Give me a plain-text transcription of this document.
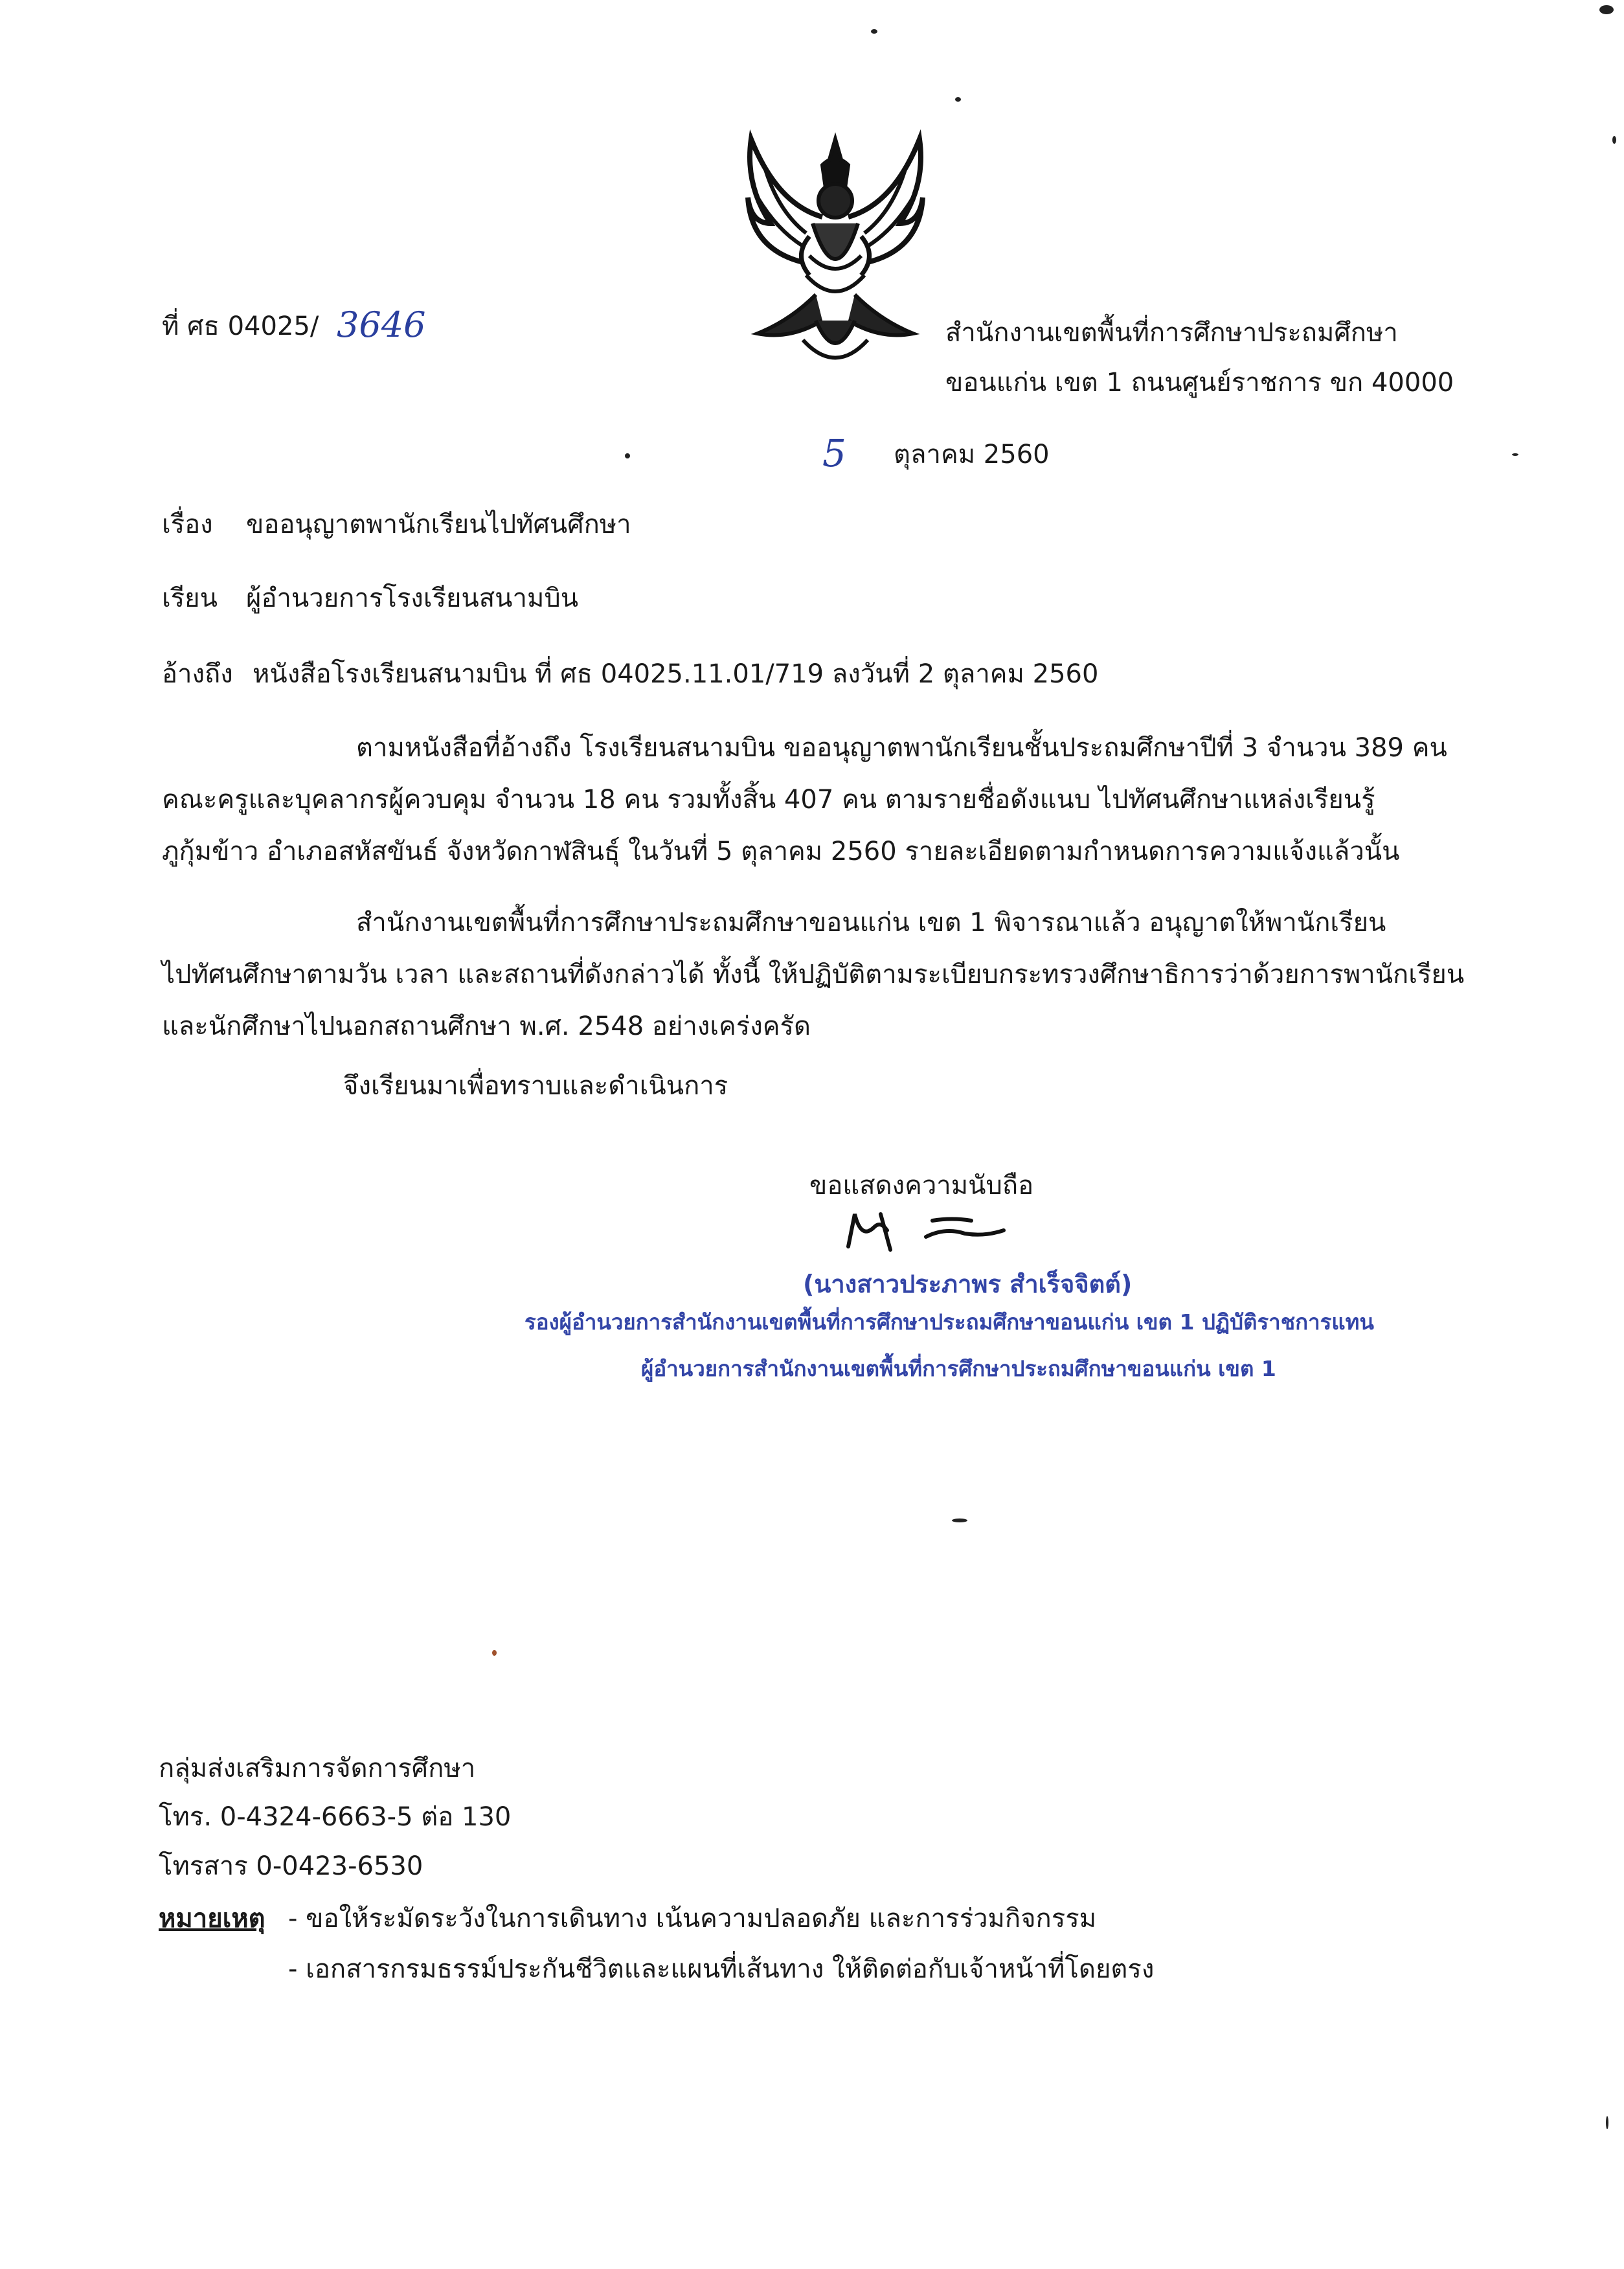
ที่ ศธ 04025/ 3646	สำนักงานเขตพื้นที่การศึกษาประถมศึกษา
ขอนแก่น เขต 1 ถนนศูนย์ราชการ ขก 40000
5 ตุลาคม 2560
เรื่อง ขออนุญาตพานักเรียนไปทัศนศึกษา
เรียน ผู้อำนวยการโรงเรียนสนามบิน
อ้างถึง หนังสือโรงเรียนสนามบิน ที่ ศธ 04025.11.01/719 ลงวันที่ 2 ตุลาคม 2560
ตามหนังสือที่อ้างถึง โรงเรียนสนามบิน ขออนุญาตพานักเรียนชั้นประถมศึกษาปีที่ 3 จำนวน 389 คน
คณะครูและบุคลากรผู้ควบคุม จำนวน 18 คน รวมทั้งสิ้น 407 คน ตามรายชื่อดังแนบ ไปทัศนศึกษาแหล่งเรียนรู้
ภูกุ้มข้าว อำเภอสหัสขันธ์ จังหวัดกาฬสินธุ์ ในวันที่ 5 ตุลาคม 2560 รายละเอียดตามกำหนดการความแจ้งแล้วนั้น
สำนักงานเขตพื้นที่การศึกษาประถมศึกษาขอนแก่น เขต 1 พิจารณาแล้ว อนุญาตให้พานักเรียน
ไปทัศนศึกษาตามวัน เวลา และสถานที่ดังกล่าวได้ ทั้งนี้ ให้ปฏิบัติตามระเบียบกระทรวงศึกษาธิการว่าด้วยการพานักเรียน
และนักศึกษาไปนอกสถานศึกษา พ.ศ. 2548 อย่างเคร่งครัด
จึงเรียนมาเพื่อทราบและดำเนินการ
ขอแสดงความนับถือ
(นางสาวประภาพร สำเร็จจิตต์)
รองผู้อำนวยการสำนักงานเขตพื้นที่การศึกษาประถมศึกษาขอนแก่น เขต 1 ปฏิบัติราชการแทน
ผู้อำนวยการสำนักงานเขตพื้นที่การศึกษาประถมศึกษาขอนแก่น เขต 1
กลุ่มส่งเสริมการจัดการศึกษา
โทร. 0-4324-6663-5 ต่อ 130
โทรสาร 0-0423-6530
หมายเหตุ - ขอให้ระมัดระวังในการเดินทาง เน้นความปลอดภัย และการร่วมกิจกรรม
- เอกสารกรมธรรม์ประกันชีวิตและแผนที่เส้นทาง ให้ติดต่อกับเจ้าหน้าที่โดยตรง
